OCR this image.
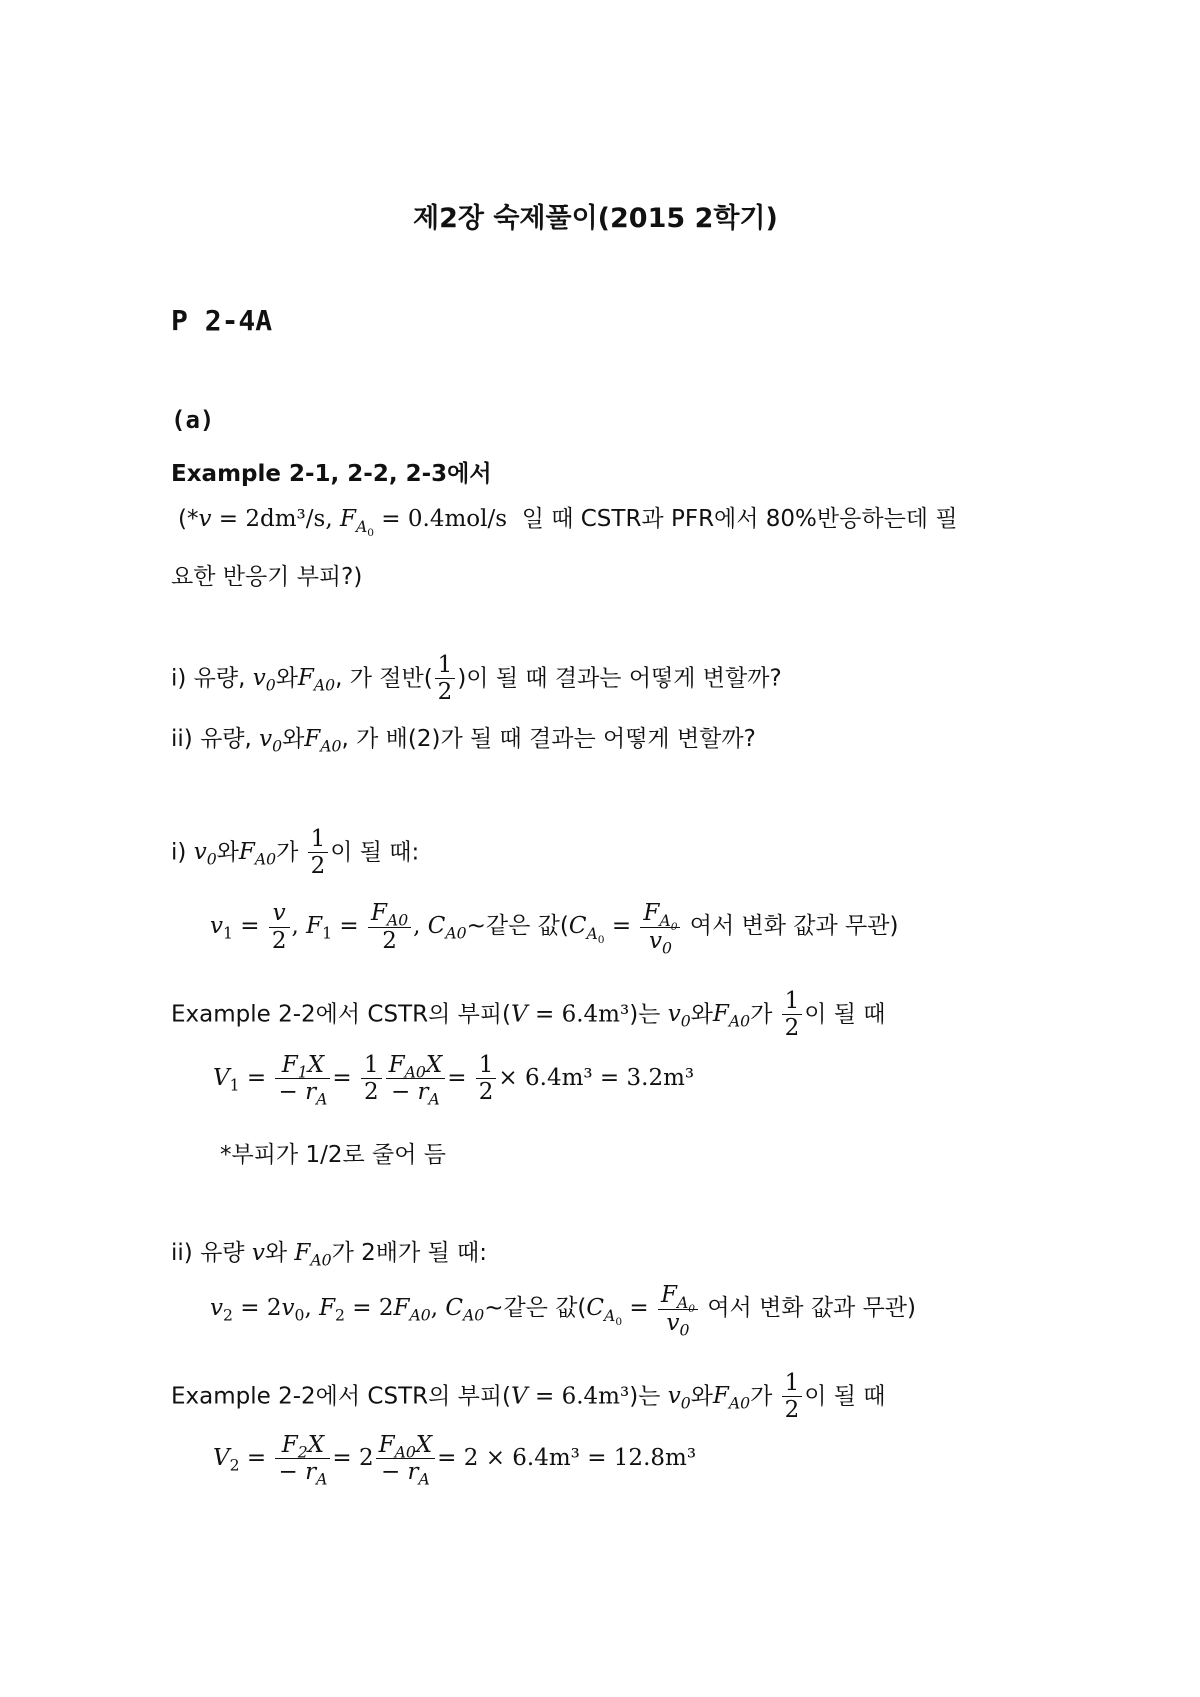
제2장 숙제풀이(2015 2학기)
P 2-4A
(a)
Example 2-1, 2-2, 2-3에서
(*v = 2dm³/s, $F_{A_0} = 0.4mol/s$ 일 때 CSTR과 PFR에서 80%반응하는데 필
요한 반응기 부피?)
i) 유량, $v_0$와$F_{A0}$, 가 절반( $\frac{1}{2}$ )이 될 때 결과는 어떻게 변할까?
ii) 유량, $v_0$와$F_{A0}$, 가 배(2)가 될 때 결과는 어떻게 변할까?
i) $v_0$와$F_{A0}$가 $\frac{1}{2}$ 이 될 때:
$v_1 = \frac{v}{2}$ , $F_1 = \frac{F_{A0}}{2}$ , $C_{A0}\sim$같은 값($C_{A_0} = \frac{F_{A_0}}{v_0}$ 여서 변화 값과 무관)
Example 2-2에서 CSTR의 부피(V = 6.4m³)는 $v_0$와$F_{A0}$가 $\frac{1}{2}$ 이 될 때
$V_1 = \frac{F_1X}{- r_A} = \frac{1}{2} \frac{F_{A0}X}{- r_A} = \frac{1}{2} \times 6.4m^3 = 3.2m^3$
*부피가 1/2로 줄어 듬
ii) 유량 v와 $F_{A0}$가 2배가 될 때:
$v_2 = 2v_0$, $F_2 = 2F_{A0}$, $C_{A0}\sim$같은 값($C_{A_0} = \frac{F_{A_0}}{v_0}$ 여서 변화 값과 무관)
Example 2-2에서 CSTR의 부피(V = 6.4m³)는 $v_0$와$F_{A0}$가 $\frac{1}{2}$ 이 될 때
$V_2 = \frac{F_2X}{- r_A} = 2 \frac{F_{A0}X}{- r_A} = 2 \times 6.4m^3 = 12.8m^3$
